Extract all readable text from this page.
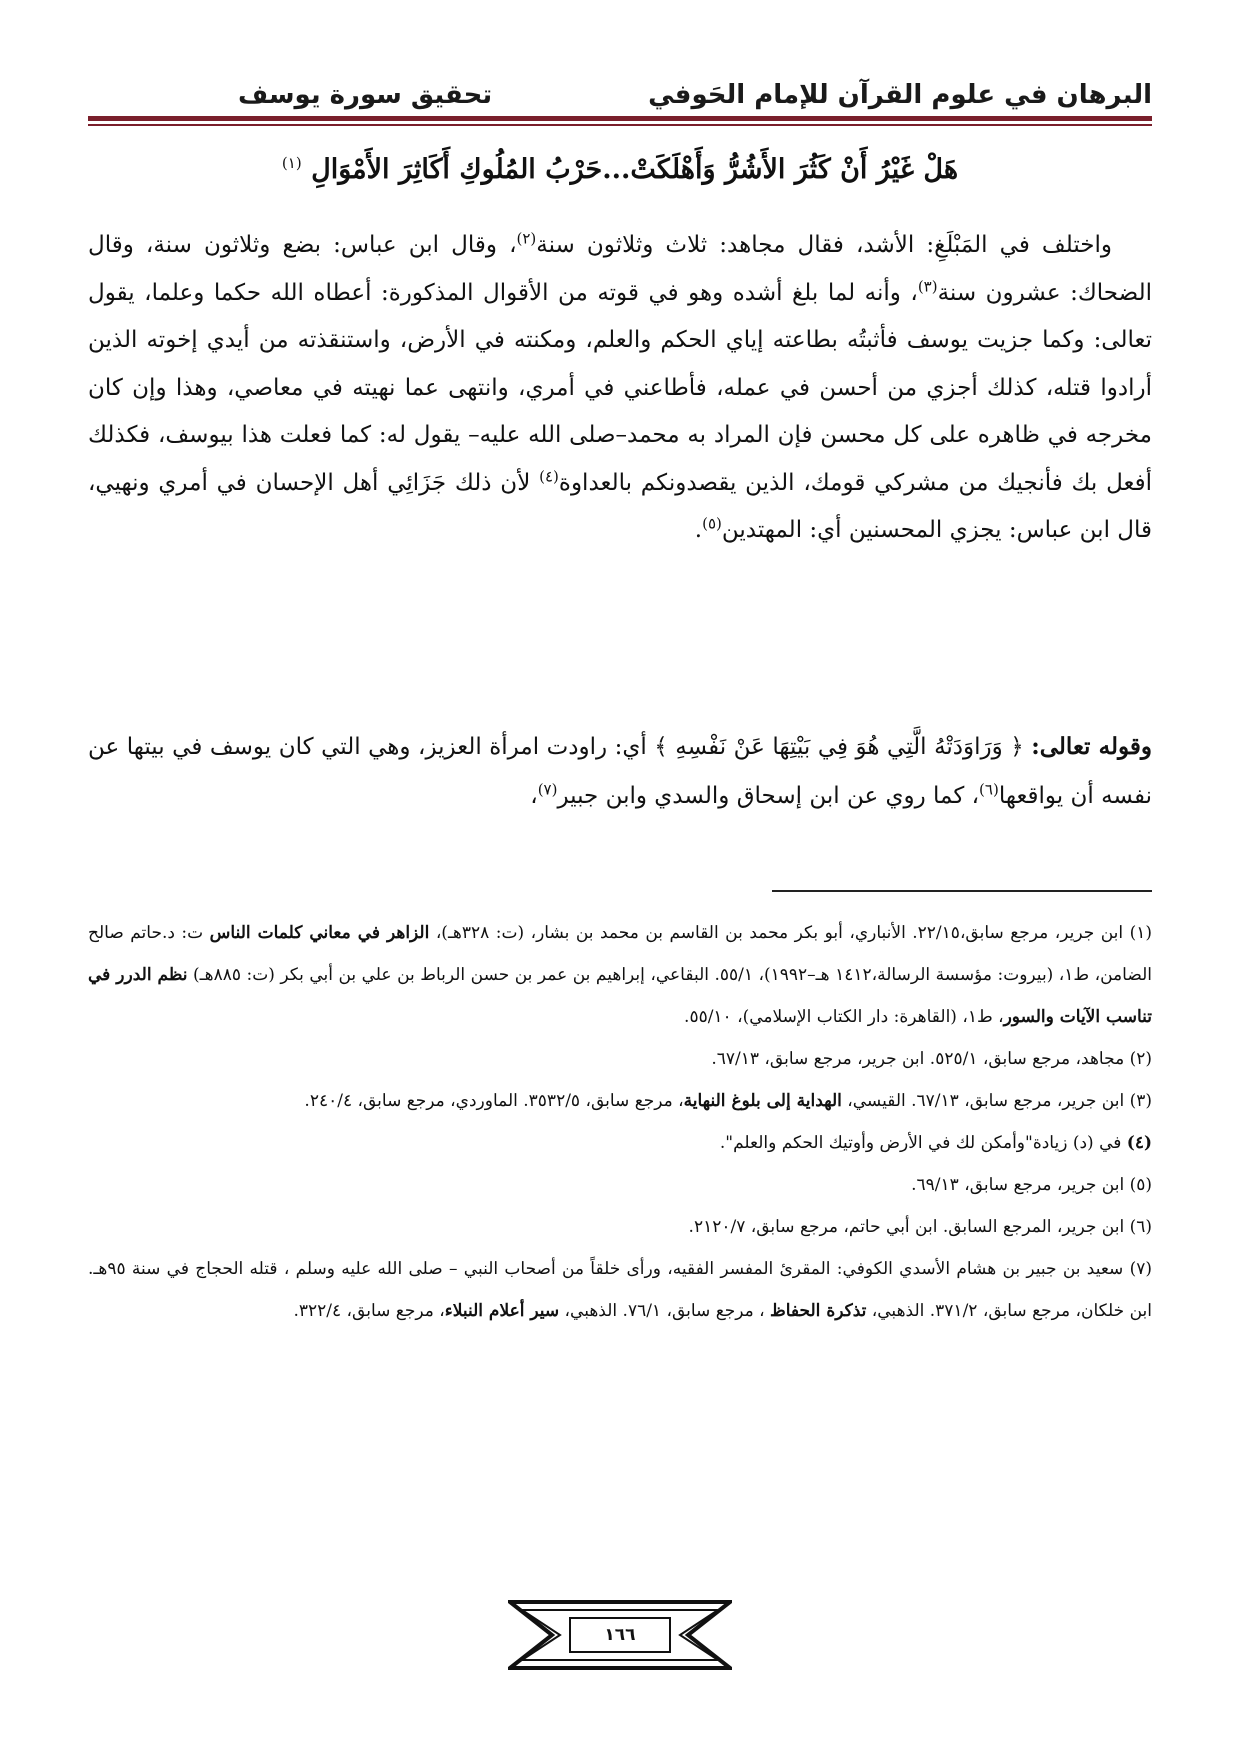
البرهان في علوم القرآن للإمام الحَوفي
تحقيق سورة يوسف
هَلْ غَيْرُ أَنْ كَثُرَ الأَشُرُّ وَأَهْلَكَتْ...حَرْبُ المُلُوكِ أَكَاثِرَ الأَمْوَالِ $^{(١)}$

واختلف في المَبْلَغِ: الأشد، فقال مجاهد: ثلاث وثلاثون سنة$^{(٢)}$، وقال ابن عباس: بضع وثلاثون سنة، وقال الضحاك: عشرون سنة$^{(٣)}$، وأنه لما بلغ أشده وهو في قوته من الأقوال المذكورة: أعطاه الله حكما وعلما، يقول تعالى: وكما جزيت يوسف فأثبتُه بطاعته إياي الحكم والعلم، ومكنته في الأرض، واستنقذته من أيدي إخوته الذين أرادوا قتله، كذلك أجزي من أحسن في عمله، فأطاعني في أمري، وانتهى عما نهيته في معاصي، وهذا وإن كان مخرجه في ظاهره على كل محسن فإن المراد به محمد–صلى الله عليه– يقول له: كما فعلت هذا بيوسف، فكذلك أفعل بك فأنجيك من مشركي قومك، الذين يقصدونكم بالعداوة$^{(٤)}$ لأن ذلك جَزَائِي أهل الإحسان في أمري ونهيي، قال ابن عباس: يجزي المحسنين أي: المهتدين$^{(٥)}$.

وقوله تعالى: ﴿ وَرَاوَدَتْهُ الَّتِي هُوَ فِي بَيْتِهَا عَنْ نَفْسِهِ ﴾ أي: راودت امرأة العزيز، وهي التي كان يوسف في بيتها عن نفسه أن يواقعها$^{(٦)}$، كما روي عن ابن إسحاق والسدي وابن جبير$^{(٧)}$،

(١) ابن جرير، مرجع سابق،٢٢/١٥. الأنباري، أبو بكر محمد بن القاسم بن محمد بن بشار، (ت: ٣٢٨هـ)، الزاهر في معاني كلمات الناس ت: د.حاتم صالح الضامن، ط١، (بيروت: مؤسسة الرسالة،١٤١٢ هـ–١٩٩٢)، ٥٥/١. البقاعي، إبراهيم بن عمر بن حسن الرباط بن علي بن أبي بكر (ت: ٨٨٥هـ) نظم الدرر في تناسب الآيات والسور، ط١، (القاهرة: دار الكتاب الإسلامي)، ٥٥/١٠.

(٢) مجاهد، مرجع سابق، ٥٢٥/١. ابن جرير، مرجع سابق، ٦٧/١٣.

(٣) ابن جرير، مرجع سابق، ٦٧/١٣. القيسي، الهداية إلى بلوغ النهاية، مرجع سابق، ٣٥٣٢/٥. الماوردي، مرجع سابق، ٢٤٠/٤.

(٤) في (د) زيادة"وأمكن لك في الأرض وأوتيك الحكم والعلم".

(٥) ابن جرير، مرجع سابق، ٦٩/١٣.

(٦) ابن جرير، المرجع السابق. ابن أبي حاتم، مرجع سابق، ٢١٢٠/٧.

(٧) سعيد بن جبير بن هشام الأسدي الكوفي: المقرئ المفسر الفقيه، ورأى خلقاً من أصحاب النبي – صلى الله عليه وسلم ، قتله الحجاج في سنة ٩٥هـ. ابن خلكان، مرجع سابق، ٣٧١/٢. الذهبي، تذكرة الحفاظ ، مرجع سابق، ٧٦/١. الذهبي، سير أعلام النبلاء، مرجع سابق، ٣٢٢/٤.

١٦٦
